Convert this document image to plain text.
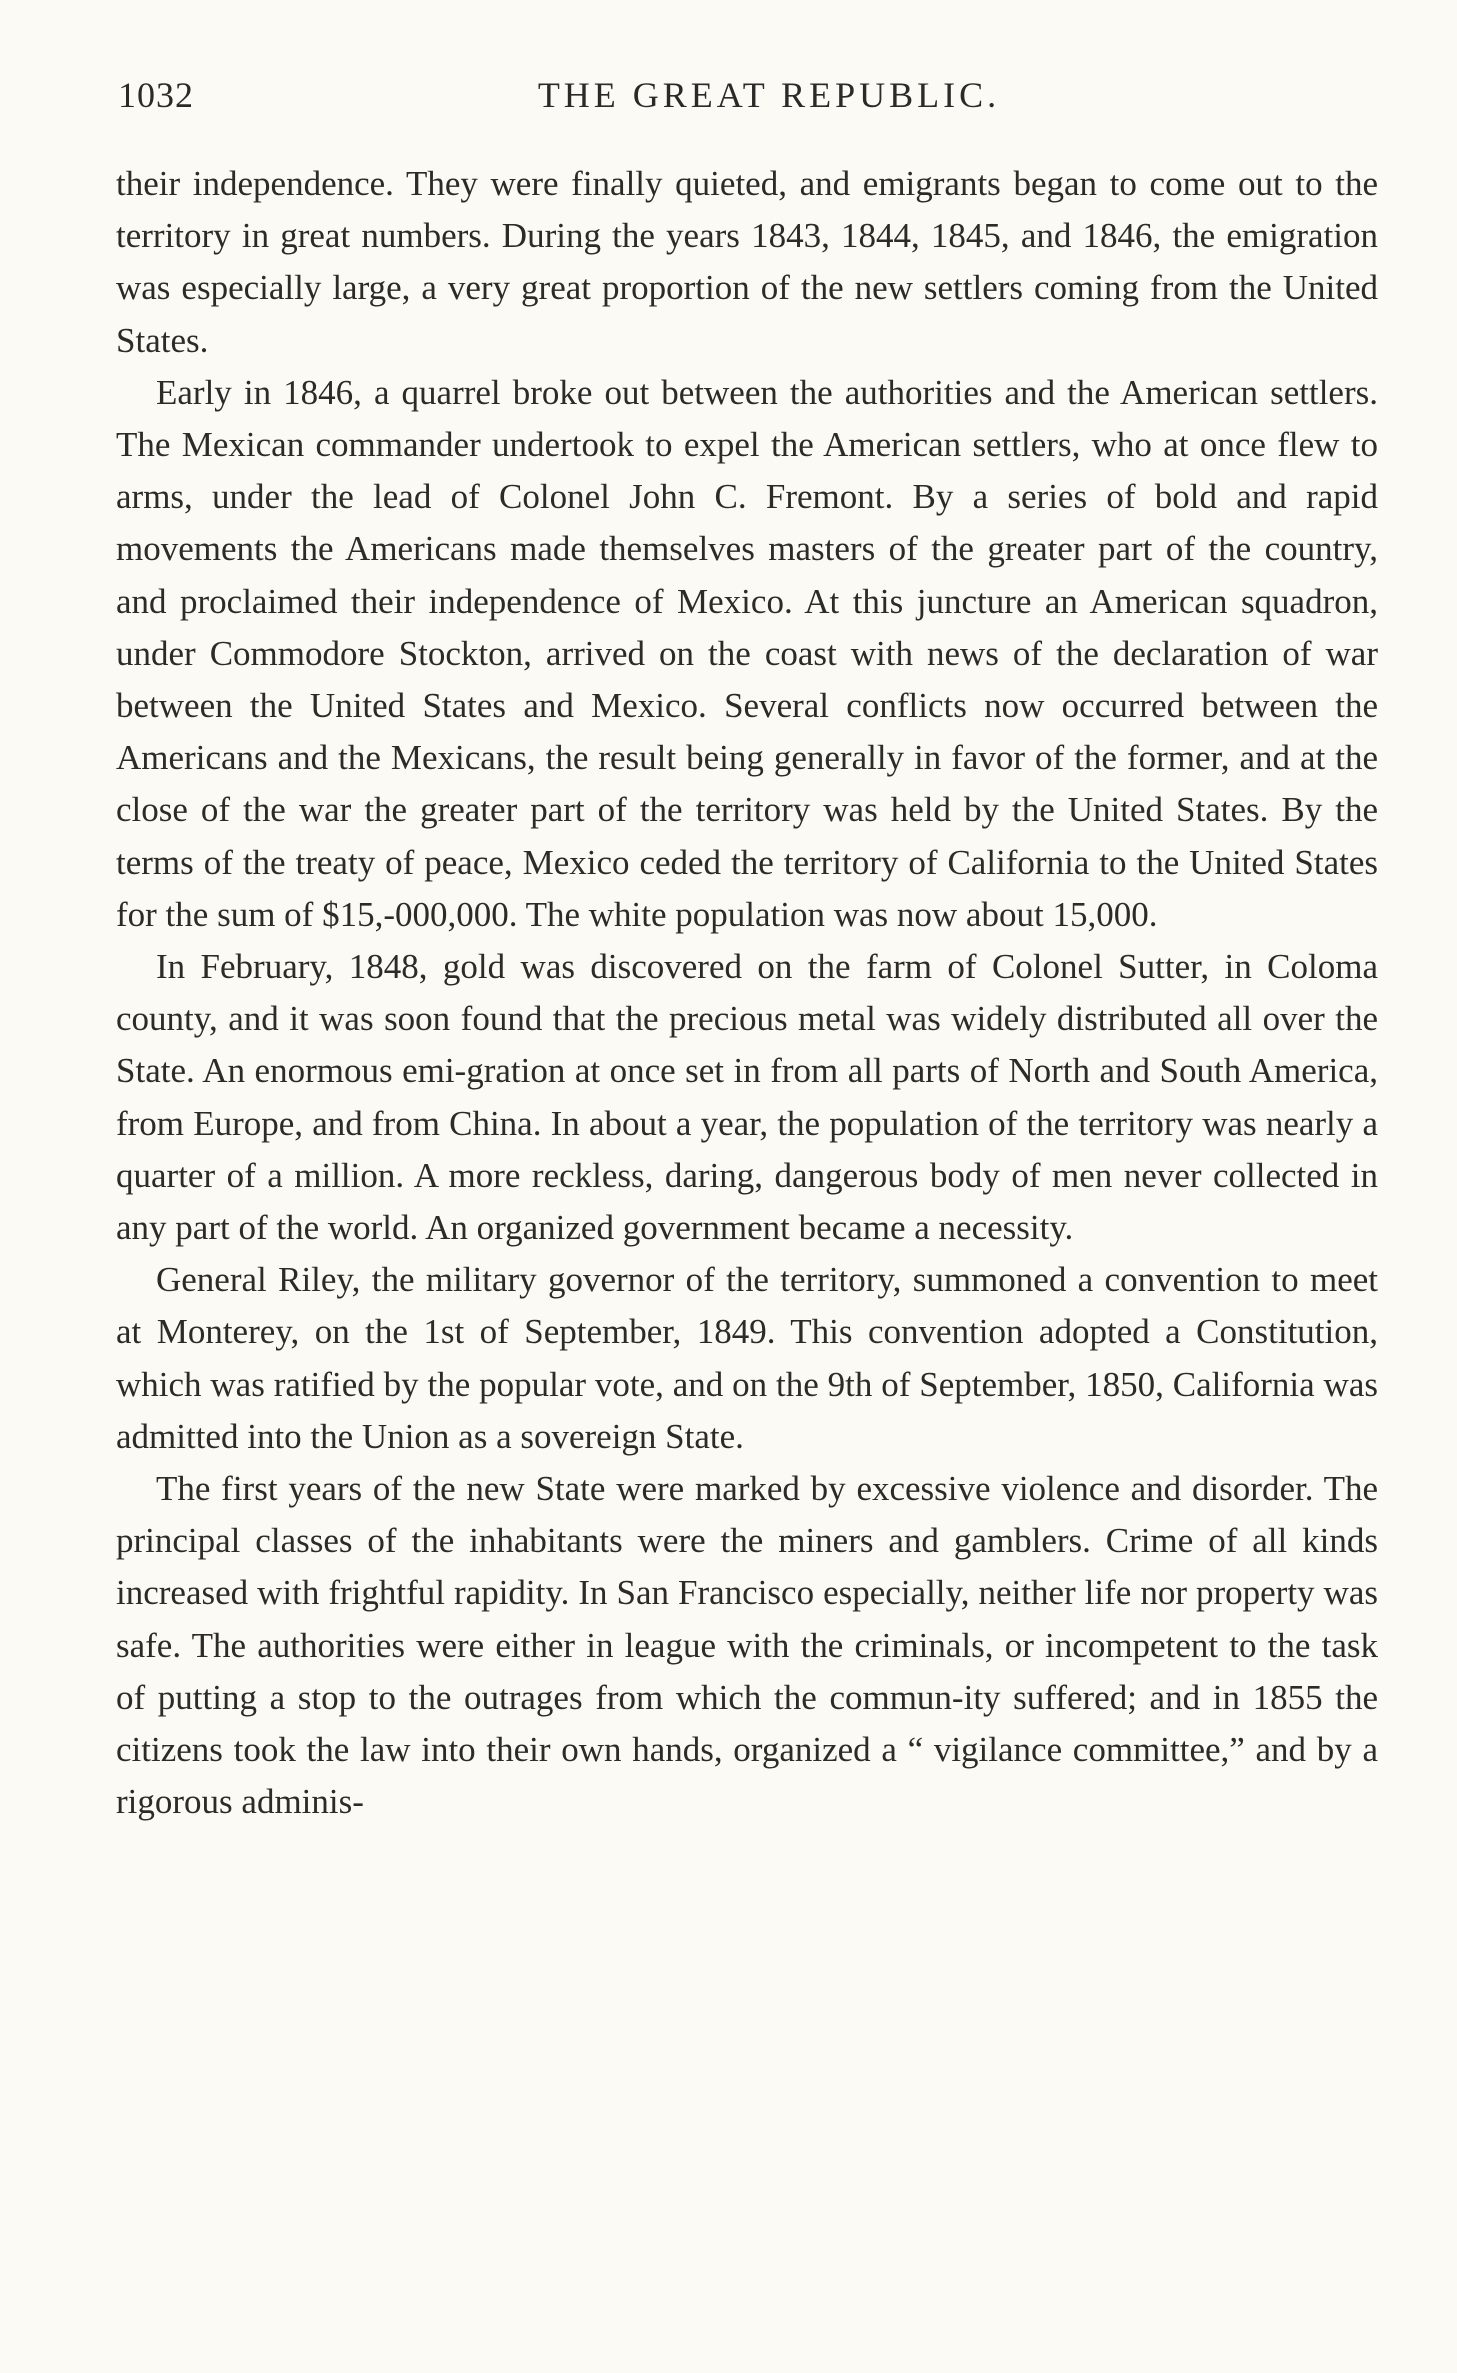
1032	THE GREAT REPUBLIC.

their independence. They were finally quieted, and emigrants began to come out to the territory in great numbers. During the years 1843, 1844, 1845, and 1846, the emigration was especially large, a very great proportion of the new settlers coming from the United States.

Early in 1846, a quarrel broke out between the authorities and the American settlers. The Mexican commander undertook to expel the American settlers, who at once flew to arms, under the lead of Colonel John C. Fremont. By a series of bold and rapid movements the Americans made themselves masters of the greater part of the country, and proclaimed their independence of Mexico. At this juncture an American squadron, under Commodore Stockton, arrived on the coast with news of the declaration of war between the United States and Mexico. Several conflicts now occurred between the Americans and the Mexicans, the result being generally in favor of the former, and at the close of the war the greater part of the territory was held by the United States. By the terms of the treaty of peace, Mexico ceded the territory of California to the United States for the sum of $15,-000,000. The white population was now about 15,000.

In February, 1848, gold was discovered on the farm of Colonel Sutter, in Coloma county, and it was soon found that the precious metal was widely distributed all over the State. An enormous emi-gration at once set in from all parts of North and South America, from Europe, and from China. In about a year, the population of the territory was nearly a quarter of a million. A more reckless, daring, dangerous body of men never collected in any part of the world. An organized government became a necessity.

General Riley, the military governor of the territory, summoned a convention to meet at Monterey, on the 1st of September, 1849. This convention adopted a Constitution, which was ratified by the popular vote, and on the 9th of September, 1850, California was admitted into the Union as a sovereign State.

The first years of the new State were marked by excessive violence and disorder. The principal classes of the inhabitants were the miners and gamblers. Crime of all kinds increased with frightful rapidity. In San Francisco especially, neither life nor property was safe. The authorities were either in league with the criminals, or incompetent to the task of putting a stop to the outrages from which the commun-ity suffered; and in 1855 the citizens took the law into their own hands, organized a “ vigilance committee,” and by a rigorous adminis-
